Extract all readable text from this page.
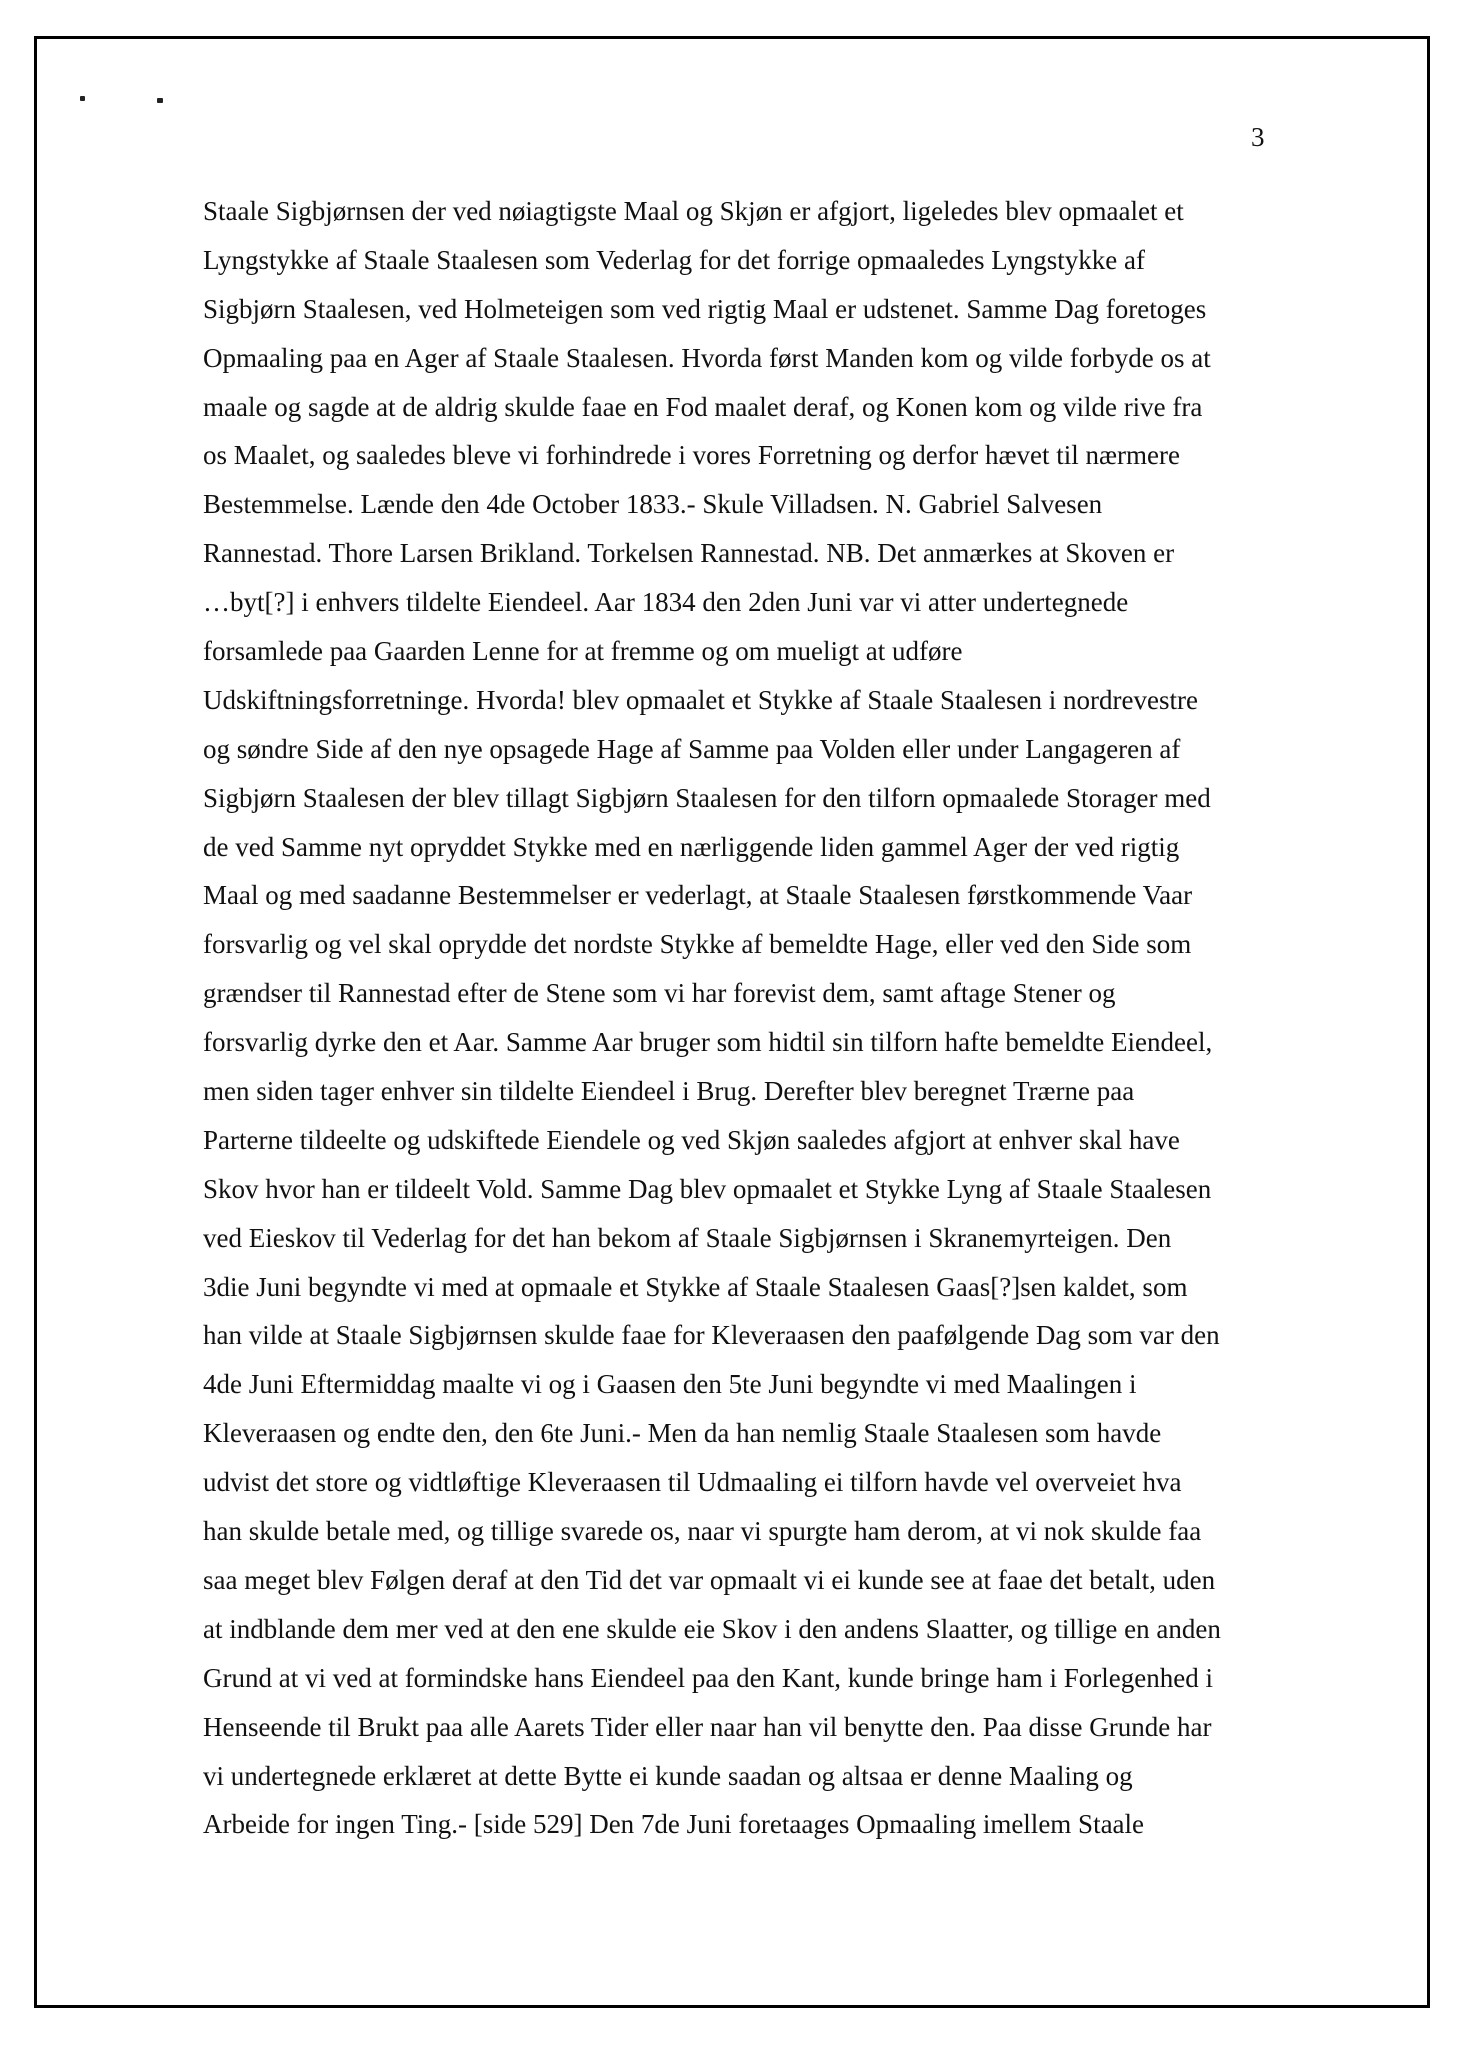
3
Staale Sigbjørnsen der ved nøiagtigste Maal og Skjøn er afgjort, ligeledes blev opmaalet et
Lyngstykke af Staale Staalesen som Vederlag for det forrige opmaaledes Lyngstykke af
Sigbjørn Staalesen, ved Holmeteigen som ved rigtig Maal er udstenet. Samme Dag foretoges
Opmaaling paa en Ager af Staale Staalesen. Hvorda først Manden kom og vilde forbyde os at
maale og sagde at de aldrig skulde faae en Fod maalet deraf, og Konen kom og vilde rive fra
os Maalet, og saaledes bleve vi forhindrede i vores Forretning og derfor hævet til nærmere
Bestemmelse. Lænde den 4de October 1833.- Skule Villadsen. N. Gabriel Salvesen
Rannestad. Thore Larsen Brikland. Torkelsen Rannestad. NB. Det anmærkes at Skoven er
…byt[?] i enhvers tildelte Eiendeel. Aar 1834 den 2den Juni var vi atter undertegnede
forsamlede paa Gaarden Lenne for at fremme og om mueligt at udføre
Udskiftningsforretninge. Hvorda! blev opmaalet et Stykke af Staale Staalesen i nordrevestre
og søndre Side af den nye opsagede Hage af Samme paa Volden eller under Langageren af
Sigbjørn Staalesen der blev tillagt Sigbjørn Staalesen for den tilforn opmaalede Storager med
de ved Samme nyt opryddet Stykke med en nærliggende liden gammel Ager der ved rigtig
Maal og med saadanne Bestemmelser er vederlagt, at Staale Staalesen førstkommende Vaar
forsvarlig og vel skal oprydde det nordste Stykke af bemeldte Hage, eller ved den Side som
grændser til Rannestad efter de Stene som vi har forevist dem, samt aftage Stener og
forsvarlig dyrke den et Aar. Samme Aar bruger som hidtil sin tilforn hafte bemeldte Eiendeel,
men siden tager enhver sin tildelte Eiendeel i Brug. Derefter blev beregnet Trærne paa
Parterne tildeelte og udskiftede Eiendele og ved Skjøn saaledes afgjort at enhver skal have
Skov hvor han er tildeelt Vold. Samme Dag blev opmaalet et Stykke Lyng af Staale Staalesen
ved Eieskov til Vederlag for det han bekom af Staale Sigbjørnsen i Skranemyrteigen. Den
3die Juni begyndte vi med at opmaale et Stykke af Staale Staalesen Gaas[?]sen kaldet, som
han vilde at Staale Sigbjørnsen skulde faae for Kleveraasen den paafølgende Dag som var den
4de Juni Eftermiddag maalte vi og i Gaasen den 5te Juni begyndte vi med Maalingen i
Kleveraasen og endte den, den 6te Juni.- Men da han nemlig Staale Staalesen som havde
udvist det store og vidtløftige Kleveraasen til Udmaaling ei tilforn havde vel overveiet hva
han skulde betale med, og tillige svarede os, naar vi spurgte ham derom, at vi nok skulde faa
saa meget blev Følgen deraf at den Tid det var opmaalt vi ei kunde see at faae det betalt, uden
at indblande dem mer ved at den ene skulde eie Skov i den andens Slaatter, og tillige en anden
Grund at vi ved at formindske hans Eiendeel paa den Kant, kunde bringe ham i Forlegenhed i
Henseende til Brukt paa alle Aarets Tider eller naar han vil benytte den. Paa disse Grunde har
vi undertegnede erklæret at dette Bytte ei kunde saadan og altsaa er denne Maaling og
Arbeide for ingen Ting.- [side 529] Den 7de Juni foretaages Opmaaling imellem Staale
